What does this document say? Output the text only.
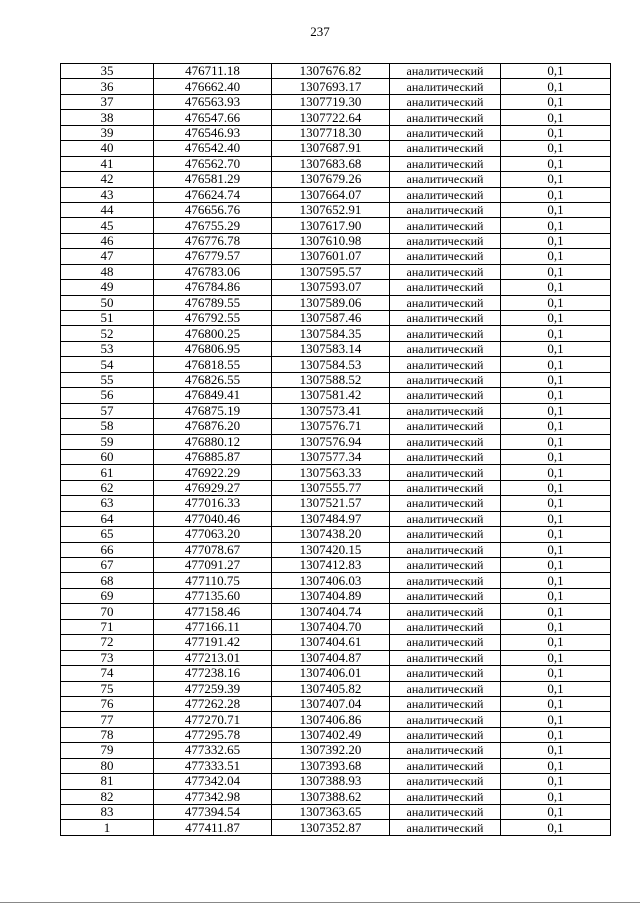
237
35	476711.18	1307676.82	аналитический	0,1
36	476662.40	1307693.17	аналитический	0,1
37	476563.93	1307719.30	аналитический	0,1
38	476547.66	1307722.64	аналитический	0,1
39	476546.93	1307718.30	аналитический	0,1
40	476542.40	1307687.91	аналитический	0,1
41	476562.70	1307683.68	аналитический	0,1
42	476581.29	1307679.26	аналитический	0,1
43	476624.74	1307664.07	аналитический	0,1
44	476656.76	1307652.91	аналитический	0,1
45	476755.29	1307617.90	аналитический	0,1
46	476776.78	1307610.98	аналитический	0,1
47	476779.57	1307601.07	аналитический	0,1
48	476783.06	1307595.57	аналитический	0,1
49	476784.86	1307593.07	аналитический	0,1
50	476789.55	1307589.06	аналитический	0,1
51	476792.55	1307587.46	аналитический	0,1
52	476800.25	1307584.35	аналитический	0,1
53	476806.95	1307583.14	аналитический	0,1
54	476818.55	1307584.53	аналитический	0,1
55	476826.55	1307588.52	аналитический	0,1
56	476849.41	1307581.42	аналитический	0,1
57	476875.19	1307573.41	аналитический	0,1
58	476876.20	1307576.71	аналитический	0,1
59	476880.12	1307576.94	аналитический	0,1
60	476885.87	1307577.34	аналитический	0,1
61	476922.29	1307563.33	аналитический	0,1
62	476929.27	1307555.77	аналитический	0,1
63	477016.33	1307521.57	аналитический	0,1
64	477040.46	1307484.97	аналитический	0,1
65	477063.20	1307438.20	аналитический	0,1
66	477078.67	1307420.15	аналитический	0,1
67	477091.27	1307412.83	аналитический	0,1
68	477110.75	1307406.03	аналитический	0,1
69	477135.60	1307404.89	аналитический	0,1
70	477158.46	1307404.74	аналитический	0,1
71	477166.11	1307404.70	аналитический	0,1
72	477191.42	1307404.61	аналитический	0,1
73	477213.01	1307404.87	аналитический	0,1
74	477238.16	1307406.01	аналитический	0,1
75	477259.39	1307405.82	аналитический	0,1
76	477262.28	1307407.04	аналитический	0,1
77	477270.71	1307406.86	аналитический	0,1
78	477295.78	1307402.49	аналитический	0,1
79	477332.65	1307392.20	аналитический	0,1
80	477333.51	1307393.68	аналитический	0,1
81	477342.04	1307388.93	аналитический	0,1
82	477342.98	1307388.62	аналитический	0,1
83	477394.54	1307363.65	аналитический	0,1
1	477411.87	1307352.87	аналитический	0,1
